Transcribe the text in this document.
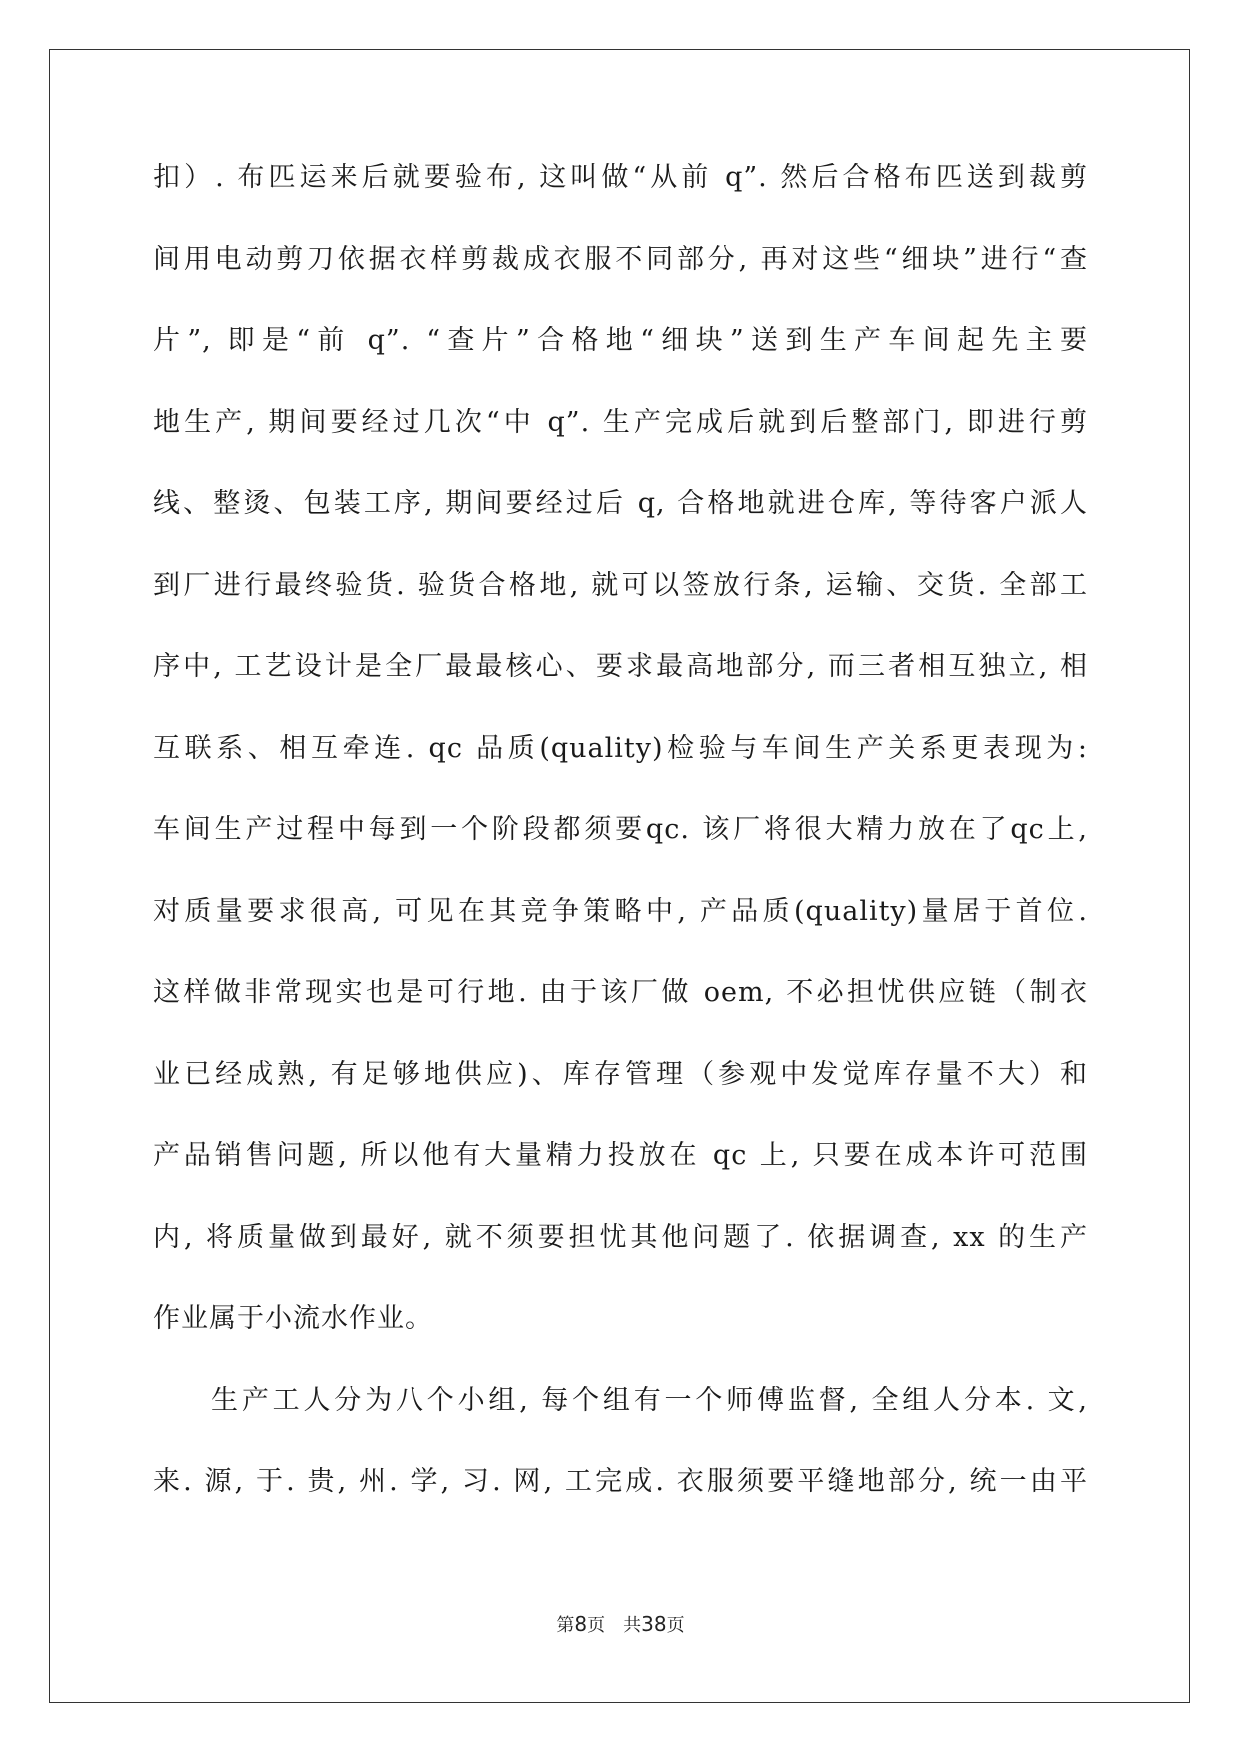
扣）. 布匹运来后就要验布, 这叫做“从前 q”. 然后合格布匹送到裁剪
间用电动剪刀依据衣样剪裁成衣服不同部分, 再对这些“细块”进行“查
片”, 即是“前 q”. “查片”合格地“细块”送到生产车间起先主要
地生产, 期间要经过几次“中 q”. 生产完成后就到后整部门, 即进行剪
线、整烫、包装工序, 期间要经过后 q, 合格地就进仓库, 等待客户派人
到厂进行最终验货. 验货合格地, 就可以签放行条, 运输、交货. 全部工
序中, 工艺设计是全厂最最核心、要求最高地部分, 而三者相互独立, 相
互联系、相互牵连. qc 品质(quality)检验与车间生产关系更表现为:
车间生产过程中每到一个阶段都须要qc. 该厂将很大精力放在了qc上,
对质量要求很高, 可见在其竞争策略中, 产品质(quality)量居于首位.
这样做非常现实也是可行地. 由于该厂做 oem, 不必担忧供应链（制衣
业已经成熟, 有足够地供应)、库存管理（参观中发觉库存量不大）和
产品销售问题, 所以他有大量精力投放在 qc 上, 只要在成本许可范围
内, 将质量做到最好, 就不须要担忧其他问题了. 依据调查, xx 的生产
作业属于小流水作业。
生产工人分为八个小组, 每个组有一个师傅监督, 全组人分本. 文,
来. 源, 于. 贵, 州. 学, 习. 网, 工完成. 衣服须要平缝地部分, 统一由平
第8页　共38页
